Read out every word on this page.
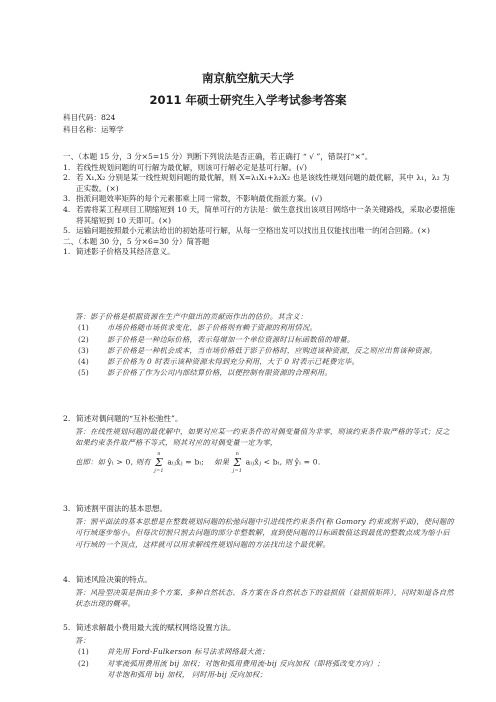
南京航空航天大学
2011 年硕士研究生入学考试参考答案
科目代码：824
科目名称：运筹学

一、（本题 15 分，3 分×5=15 分）判断下列说法是否正确，若正确打 “ √ ”，错误打“×”。

1. 若线性规划问题的可行解为最优解，则该可行解必定是基可行解。(√)
2. 若 X₁,X₂ 分别是某一线性规划问题的最优解，则 X=λ₁X₁+λ₂X₂ 也是该线性规划问题的最优解，其中 λ₁，λ₂ 为正实数。(×)
3. 指派问题效率矩阵的每个元素都乘上同一常数，不影响最优指派方案。(√)
4. 若需将某工程项目工期缩短到 10 天，简单可行的方法是：做生意找出该项目网络中一条关键路线，采取必要措施将其缩短到 10 天即可。(×)
5. 运输问题按照最小元素法给出的初始基可行解，从每一空格出发可以找出且仅能找出唯一的闭合回路。(×)

二、（本题 30 分，5 分×6=30 分）简答题

1. 简述影子价格及其经济意义。
答：影子价格是根据资源在生产中做出的贡献而作出的估价。其含义：
(1) 市场价格随市场供求变化，影子价格则有赖于资源的利用情况。
(2) 影子价格是一种边际价格，表示每增加一个单位资源时目标函数值的增量。
(3) 影子价格是一种机会成本，当市场价格低于影子价格时，应购进该种资源，反之则应出售该种资源。
(4) 影子价格为 0 时表示该种资源未得到充分利用，大于 0 时表示已耗费完毕。
(5) 影子价格了作为公司内部结算价格，以便控制有限资源的合理利用。
2. 简述对偶问题的“互补松弛性”。
答：在线性规划问题的最优解中，如果对应某一约束条件的对偶变量值为非零，则该约束条件取严格的等式；反之如果约束条件取严格不等式，则其对应的对偶变量一定为零，
也即：如 ŷᵢ > 0, 则有 n
Σ
j=1 aᵢⱼx̂ⱼ = bᵢ; 如果 n
Σ
j=1 aᵢⱼx̂ⱼ < bᵢ, 则 ŷᵢ = 0.
3. 简述割平面法的基本思想。
答：割平面法的基本思想是在整数规划问题的松弛问题中引进线性约束条件(称 Gomory 约束或割平面)，使问题的可行域逐步缩小。但每次切割只割去问题的部分非整数解，直到使问题的目标函数值达到最优的整数点成为缩小后可行域的一个顶点，这样就可以用求解线性规划问题的方法找出这个最优解。
4. 简述风险决策的特点。
答：风险型决策是指由多个方案、多种自然状态、各方案在各自然状态下的益损值（益损值矩阵），同时知道各自然状态出现的概率。
5. 简述求解最小费用最大流的赋权网络设置方法。
答：
(1) 首先用 Ford-Fulkerson 标号法求网络最大流；
(2) 对零流弧用费用流 bij 加权；对饱和弧用费用流-bij 反向加权（即将弧改变方向）；
对非饱和弧用 bij 加权， 同时用-bij 反向加权；
